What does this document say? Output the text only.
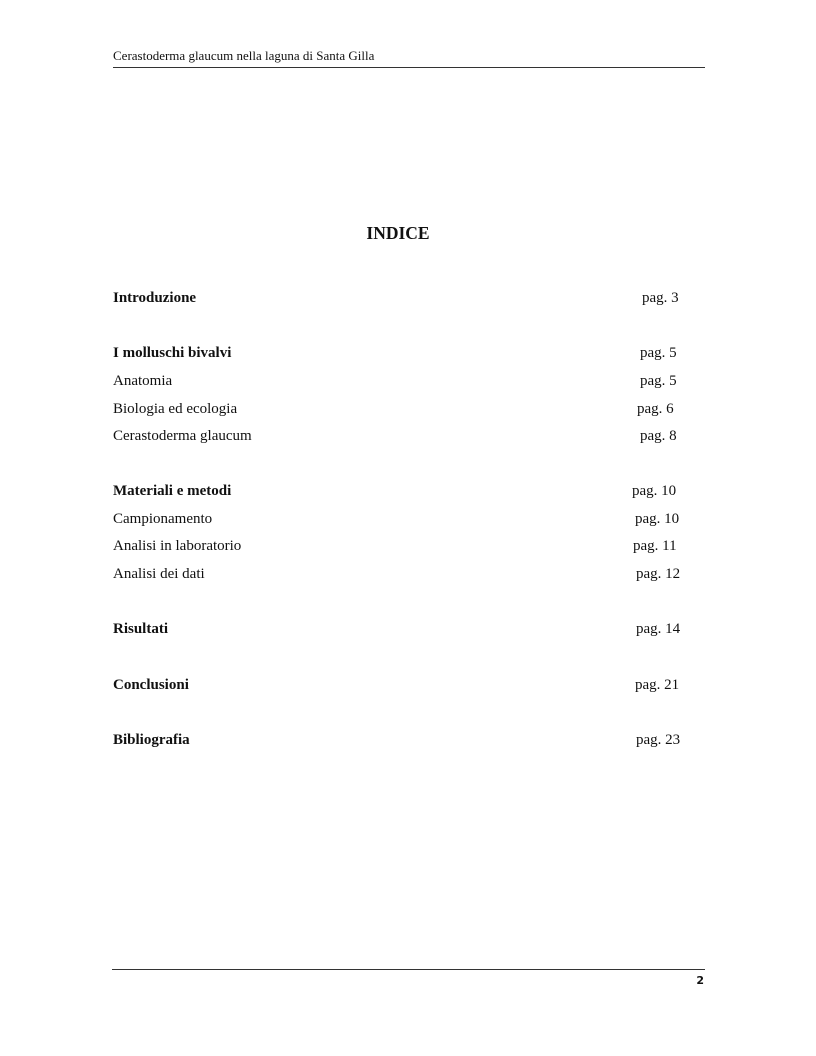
Cerastoderma glaucum nella laguna di Santa Gilla
INDICE
Introduzione	pag. 3
I molluschi bivalvi	pag. 5
Anatomia	pag. 5
Biologia ed ecologia	pag. 6
Cerastoderma glaucum	pag. 8
Materiali e metodi	pag. 10
Campionamento	pag. 10
Analisi in laboratorio	pag. 11
Analisi dei dati	pag. 12
Risultati	pag. 14
Conclusioni	pag. 21
Bibliografia	pag. 23
2
